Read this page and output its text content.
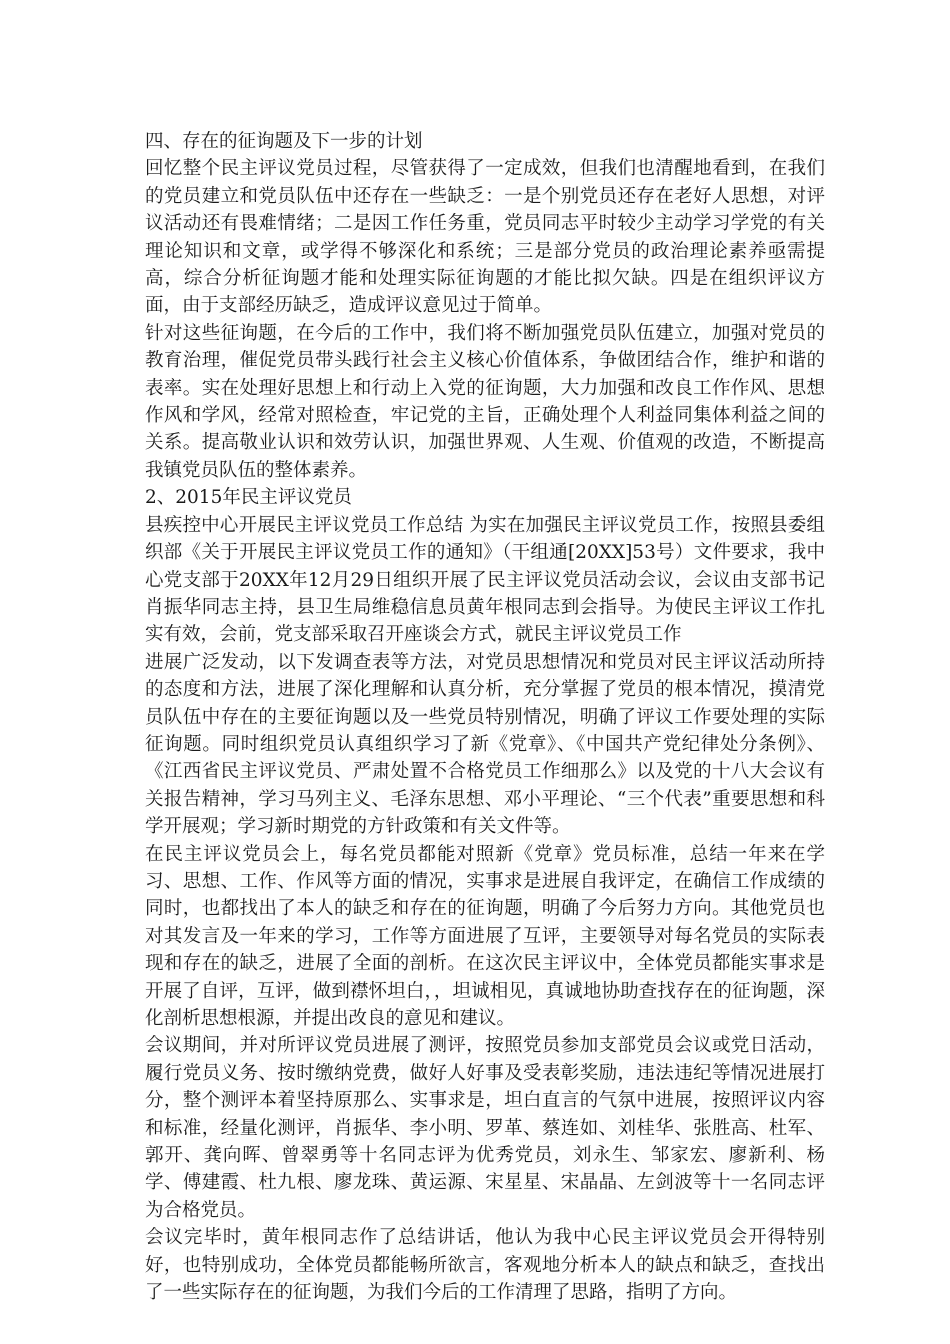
四、存在的征询题及下一步的计划

回忆整个民主评议党员过程，尽管获得了一定成效，但我们也清醒地看到，在我们的党员建立和党员队伍中还存在一些缺乏：一是个别党员还存在老好人思想，对评议活动还有畏难情绪；二是因工作任务重，党员同志平时较少主动学习学党的有关理论知识和文章，或学得不够深化和系统；三是部分党员的政治理论素养亟需提高，综合分析征询题才能和处理实际征询题的才能比拟欠缺。四是在组织评议方面，由于支部经历缺乏，造成评议意见过于简单。

针对这些征询题，在今后的工作中，我们将不断加强党员队伍建立，加强对党员的教育治理，催促党员带头践行社会主义核心价值体系，争做团结合作，维护和谐的表率。实在处理好思想上和行动上入党的征询题，大力加强和改良工作作风、思想作风和学风，经常对照检查，牢记党的主旨，正确处理个人利益同集体利益之间的关系。提高敬业认识和效劳认识，加强世界观、人生观、价值观的改造，不断提高我镇党员队伍的整体素养。

2、2015年民主评议党员

县疾控中心开展民主评议党员工作总结 为实在加强民主评议党员工作，按照县委组织部《关于开展民主评议党员工作的通知》（干组通[20XX]53号）文件要求，我中心党支部于20XX年12月29日组织开展了民主评议党员活动会议，会议由支部书记肖振华同志主持，县卫生局维稳信息员黄年根同志到会指导。为使民主评议工作扎实有效，会前，党支部采取召开座谈会方式，就民主评议党员工作

进展广泛发动，以下发调查表等方法，对党员思想情况和党员对民主评议活动所持的态度和方法，进展了深化理解和认真分析，充分掌握了党员的根本情况，摸清党员队伍中存在的主要征询题以及一些党员特别情况，明确了评议工作要处理的实际征询题。同时组织党员认真组织学习了新《党章》、《中国共产党纪律处分条例》、《江西省民主评议党员、严肃处置不合格党员工作细那么》以及党的十八大会议有关报告精神，学习马列主义、毛泽东思想、邓小平理论、“三个代表”重要思想和科学开展观；学习新时期党的方针政策和有关文件等。

在民主评议党员会上，每名党员都能对照新《党章》党员标准，总结一年来在学习、思想、工作、作风等方面的情况，实事求是进展自我评定，在确信工作成绩的同时，也都找出了本人的缺乏和存在的征询题，明确了今后努力方向。其他党员也对其发言及一年来的学习，工作等方面进展了互评，主要领导对每名党员的实际表现和存在的缺乏，进展了全面的剖析。在这次民主评议中，全体党员都能实事求是开展了自评，互评，做到襟怀坦白，，坦诚相见，真诚地协助查找存在的征询题，深化剖析思想根源，并提出改良的意见和建议。

会议期间，并对所评议党员进展了测评，按照党员参加支部党员会议或党日活动，履行党员义务、按时缴纳党费，做好人好事及受表彰奖励，违法违纪等情况进展打分，整个测评本着坚持原那么、实事求是，坦白直言的气氛中进展，按照评议内容和标准，经量化测评，肖振华、李小明、罗革、蔡连如、刘桂华、张胜高、杜军、郭开、龚向晖、曾翠勇等十名同志评为优秀党员，刘永生、邹家宏、廖新利、杨学、傅建霞、杜九根、廖龙珠、黄运源、宋星星、宋晶晶、左剑波等十一名同志评为合格党员。

会议完毕时，黄年根同志作了总结讲话，他认为我中心民主评议党员会开得特别好，也特别成功，全体党员都能畅所欲言，客观地分析本人的缺点和缺乏，查找出了一些实际存在的征询题，为我们今后的工作清理了思路，指明了方向。
